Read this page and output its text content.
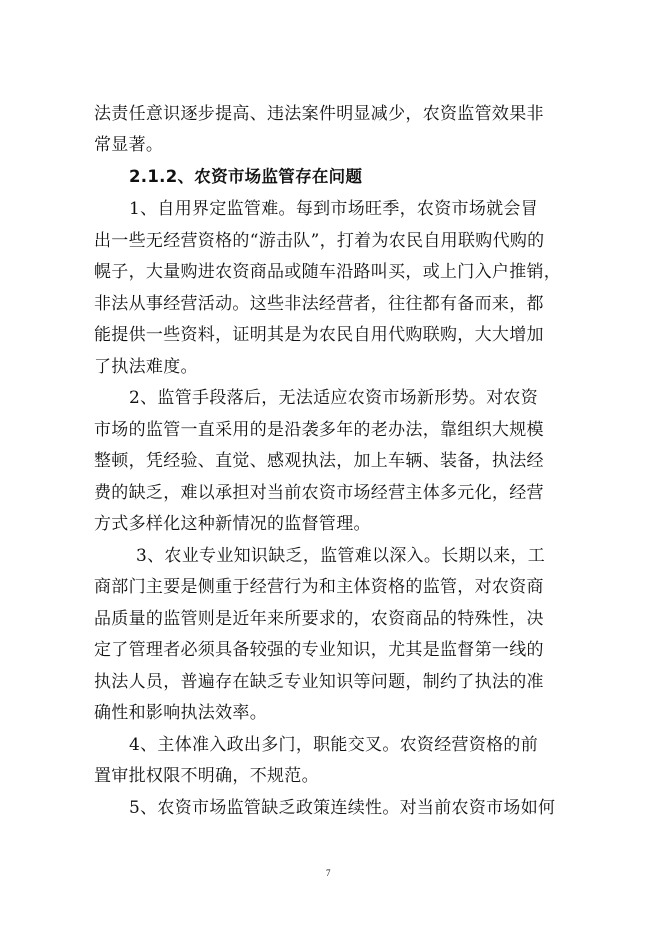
法责任意识逐步提高、违法案件明显减少，农资监管效果非
常显著。
2.1.2、农资市场监管存在问题
1、自用界定监管难。每到市场旺季，农资市场就会冒
出一些无经营资格的“游击队”，打着为农民自用联购代购的
幌子，大量购进农资商品或随车沿路叫买，或上门入户推销，
非法从事经营活动。这些非法经营者，往往都有备而来，都
能提供一些资料，证明其是为农民自用代购联购，大大增加
了执法难度。
2、监管手段落后，无法适应农资市场新形势。对农资
市场的监管一直采用的是沿袭多年的老办法，靠组织大规模
整顿，凭经验、直觉、感观执法，加上车辆、装备，执法经
费的缺乏，难以承担对当前农资市场经营主体多元化，经营
方式多样化这种新情况的监督管理。
3、农业专业知识缺乏，监管难以深入。长期以来，工
商部门主要是侧重于经营行为和主体资格的监管，对农资商
品质量的监管则是近年来所要求的，农资商品的特殊性，决
定了管理者必须具备较强的专业知识，尤其是监督第一线的
执法人员，普遍存在缺乏专业知识等问题，制约了执法的准
确性和影响执法效率。
4、主体准入政出多门，职能交叉。农资经营资格的前
置审批权限不明确，不规范。
5、农资市场监管缺乏政策连续性。对当前农资市场如何
7
